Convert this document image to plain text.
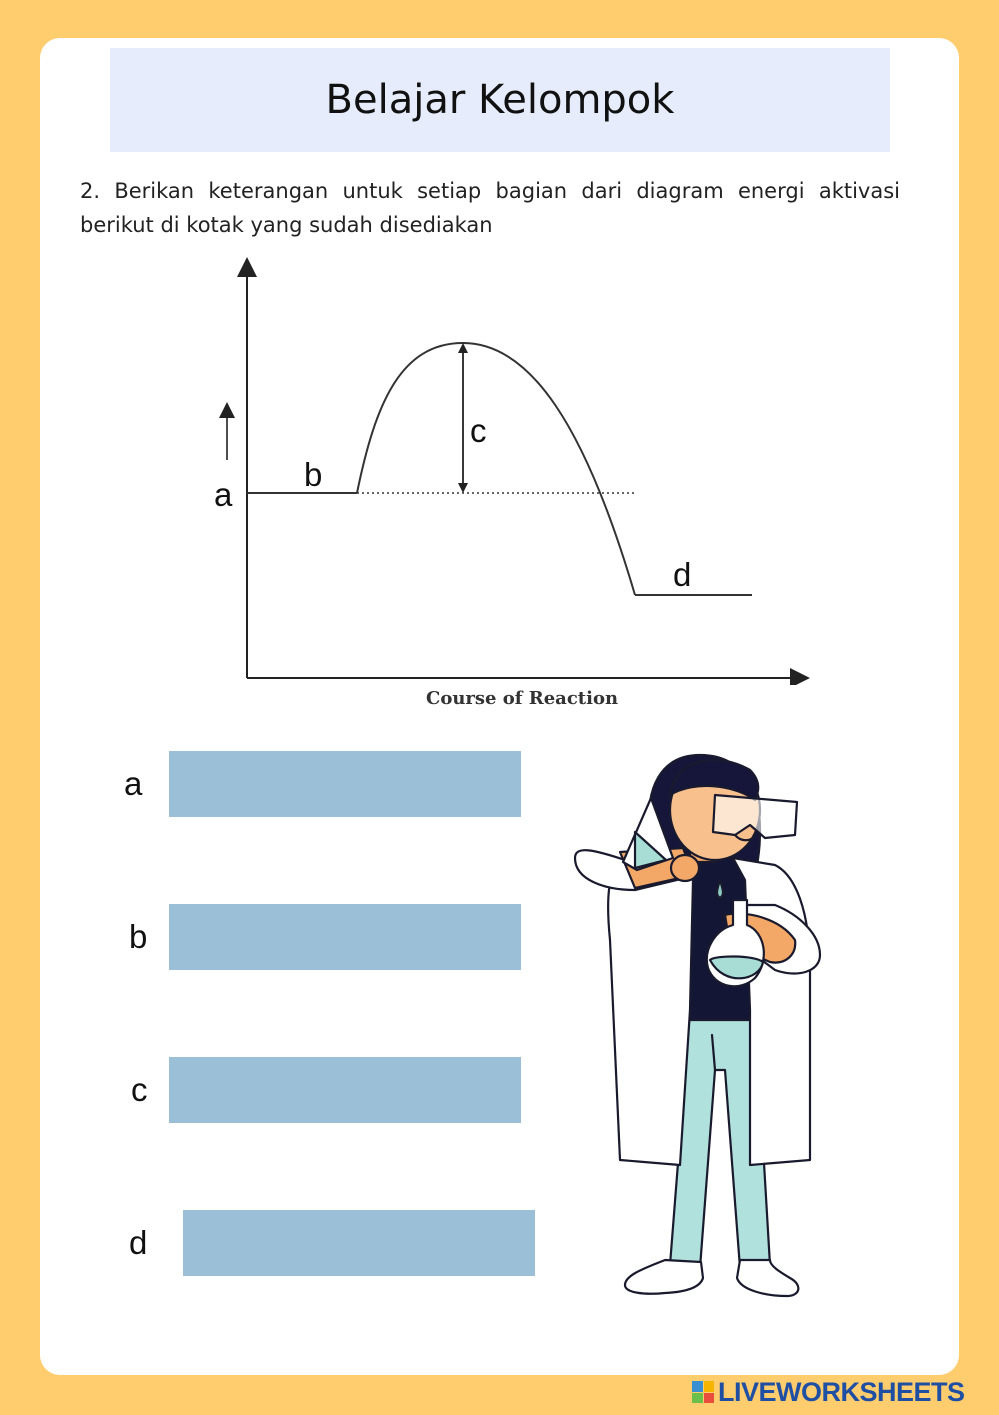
Belajar Kelompok
2. Berikan keterangan untuk setiap bagian dari diagram energi aktivasi berikut di kotak yang sudah disediakan
a
b
c
d
Course of Reaction
a
b
c
d
LIVEWORKSHEETS
